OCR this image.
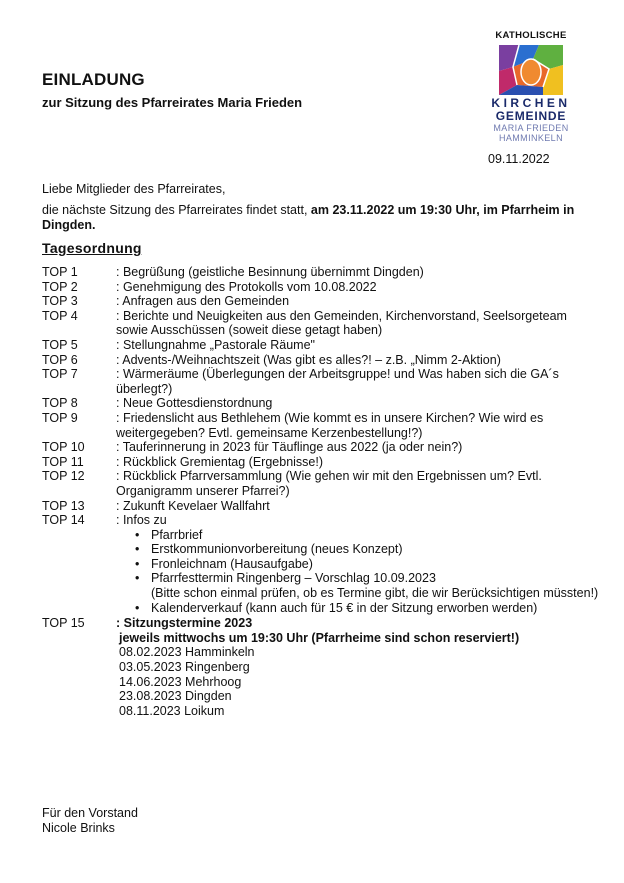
EINLADUNG
zur Sitzung des Pfarreirates Maria Frieden
KATHOLISCHE
KIRCHEN
GEMEINDE
MARIA FRIEDEN
HAMMINKELN
09.11.2022
Liebe Mitglieder des Pfarreirates,
die nächste Sitzung des Pfarreirates findet statt, am 23.11.2022 um 19:30 Uhr, im Pfarrheim in Dingden.
Tagesordnung
TOP 1	: Begrüßung (geistliche Besinnung übernimmt Dingden)
TOP 2	: Genehmigung des Protokolls vom 10.08.2022
TOP 3	: Anfragen aus den Gemeinden
TOP 4	: Berichte und Neuigkeiten aus den Gemeinden, Kirchenvorstand, Seelsorgeteam sowie Ausschüssen (soweit diese getagt haben)
TOP 5	: Stellungnahme „Pastorale Räume"
TOP 6	: Advents-/Weihnachtszeit (Was gibt es alles?! – z.B. „Nimm 2-Aktion)
TOP 7	: Wärmeräume (Überlegungen der Arbeitsgruppe! und Was haben sich die GA´s überlegt?)
TOP 8	: Neue Gottesdienstordnung
TOP 9	: Friedenslicht aus Bethlehem (Wie kommt es in unsere Kirchen? Wie wird es weitergegeben? Evtl. gemeinsame Kerzenbestellung!?)
TOP 10	: Tauferinnerung in 2023 für Täuflinge aus 2022 (ja oder nein?)
TOP 11	: Rückblick Gremientag (Ergebnisse!)
TOP 12	: Rückblick Pfarrversammlung (Wie gehen wir mit den Ergebnissen um? Evtl. Organigramm unserer Pfarrei?)
TOP 13	: Zukunft Kevelaer Wallfahrt
TOP 14	: Infos zu
• Pfarrbrief
• Erstkommunionvorbereitung (neues Konzept)
• Fronleichnam (Hausaufgabe)
• Pfarrfesttermin Ringenberg – Vorschlag 10.09.2023
(Bitte schon einmal prüfen, ob es Termine gibt, die wir Berücksichtigen müssten!)
• Kalenderverkauf (kann auch für 15 € in der Sitzung erworben werden)
TOP 15	: Sitzungstermine 2023
jeweils mittwochs um 19:30 Uhr (Pfarrheime sind schon reserviert!)
08.02.2023 Hamminkeln
03.05.2023 Ringenberg
14.06.2023 Mehrhoog
23.08.2023 Dingden
08.11.2023 Loikum
Für den Vorstand
Nicole Brinks
